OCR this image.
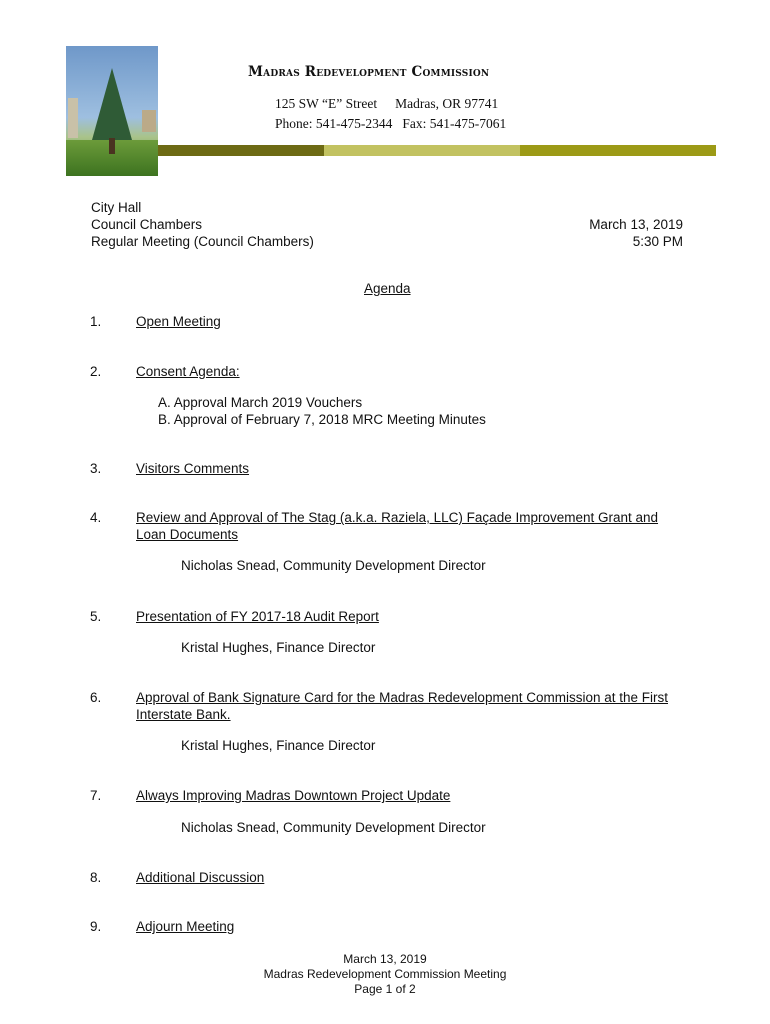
Madras Redevelopment Commission
125 SW “E” Street Madras, OR 97741
Phone: 541-475-2344 Fax: 541-475-7061
City Hall
Council Chambers
Regular Meeting (Council Chambers)
March 13, 2019
5:30 PM
Agenda
1.	Open Meeting
2.	Consent Agenda:
A. Approval March 2019 Vouchers
B. Approval of February 7, 2018 MRC Meeting Minutes
3.	Visitors Comments
4.	Review and Approval of The Stag (a.k.a. Raziela, LLC) Façade Improvement Grant and Loan Documents
Nicholas Snead, Community Development Director
5.	Presentation of FY 2017-18 Audit Report
Kristal Hughes, Finance Director
6.	Approval of Bank Signature Card for the Madras Redevelopment Commission at the First Interstate Bank.
Kristal Hughes, Finance Director
7.	Always Improving Madras Downtown Project Update
Nicholas Snead, Community Development Director
8.	Additional Discussion
9.	Adjourn Meeting
March 13, 2019
Madras Redevelopment Commission Meeting
Page 1 of 2
